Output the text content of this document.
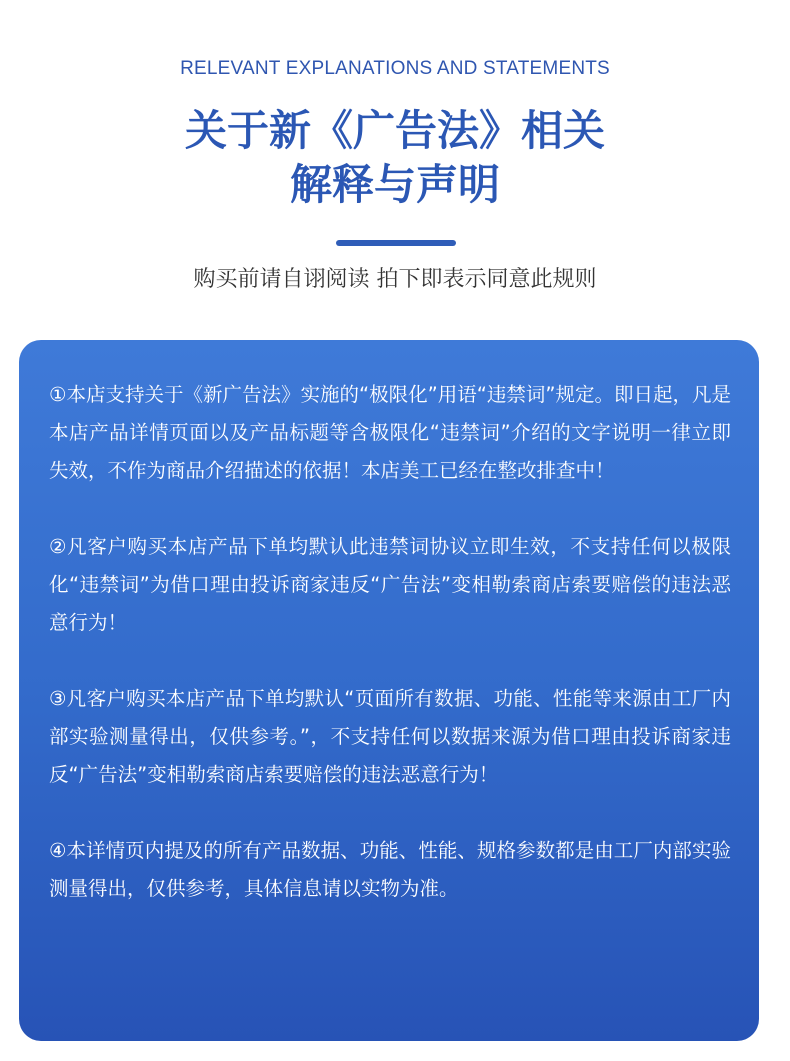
RELEVANT EXPLANATIONS AND STATEMENTS
关于新《广告法》相关
解释与声明
购买前请自诩阅读 拍下即表示同意此规则

①本店支持关于《新广告法》实施的“极限化”用语“违禁词”规定。即日起，凡是本店产品详情页面以及产品标题等含极限化“违禁词”介绍的文字说明一律立即失效，不作为商品介绍描述的依据！本店美工已经在整改排查中！

②凡客户购买本店产品下单均默认此违禁词协议立即生效，不支持任何以极限化“违禁词”为借口理由投诉商家违反“广告法”变相勒索商店索要赔偿的违法恶意行为！

③凡客户购买本店产品下单均默认“页面所有数据、功能、性能等来源由工厂内部实验测量得出，仅供参考。”，不支持任何以数据来源为借口理由投诉商家违反“广告法”变相勒索商店索要赔偿的违法恶意行为！

④本详情页内提及的所有产品数据、功能、性能、规格参数都是由工厂内部实验测量得出，仅供参考，具体信息请以实物为准。
